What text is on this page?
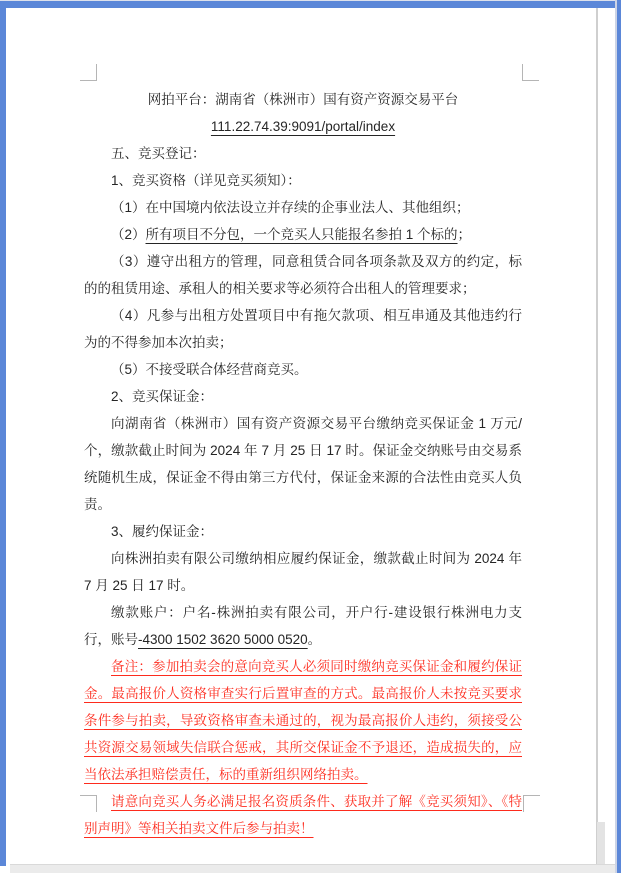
网拍平台：湖南省（株洲市）国有资产资源交易平台

111.22.74.39:9091/portal/index

五、竞买登记：

1、竞买资格（详见竞买须知）：

（1）在中国境内依法设立并存续的企事业法人、其他组织；

（2）所有项目不分包，一个竞买人只能报名参拍 1 个标的；

（3）遵守出租方的管理，同意租赁合同各项条款及双方的约定，标的的租赁用途、承租人的相关要求等必须符合出租人的管理要求；

（4）凡参与出租方处置项目中有拖欠款项、相互串通及其他违约行为的不得参加本次拍卖；

（5）不接受联合体经营商竞买。

2、竞买保证金：

向湖南省（株洲市）国有资产资源交易平台缴纳竞买保证金 1 万元/个，缴款截止时间为 2024 年 7 月 25 日 17 时。保证金交纳账号由交易系统随机生成，保证金不得由第三方代付，保证金来源的合法性由竞买人负责。

3、履约保证金：

向株洲拍卖有限公司缴纳相应履约保证金，缴款截止时间为 2024 年 7 月 25 日 17 时。

缴款账户：户名-株洲拍卖有限公司，开户行-建设银行株洲电力支行，账号-4300 1502 3620 5000 0520。

备注：参加拍卖会的意向竞买人必须同时缴纳竞买保证金和履约保证金。最高报价人资格审查实行后置审查的方式。最高报价人未按竞买要求条件参与拍卖，导致资格审查未通过的，视为最高报价人违约，须接受公共资源交易领域失信联合惩戒，其所交保证金不予退还，造成损失的，应当依法承担赔偿责任，标的重新组织网络拍卖。

请意向竞买人务必满足报名资质条件、获取并了解《竞买须知》、《特别声明》等相关拍卖文件后参与拍卖！
